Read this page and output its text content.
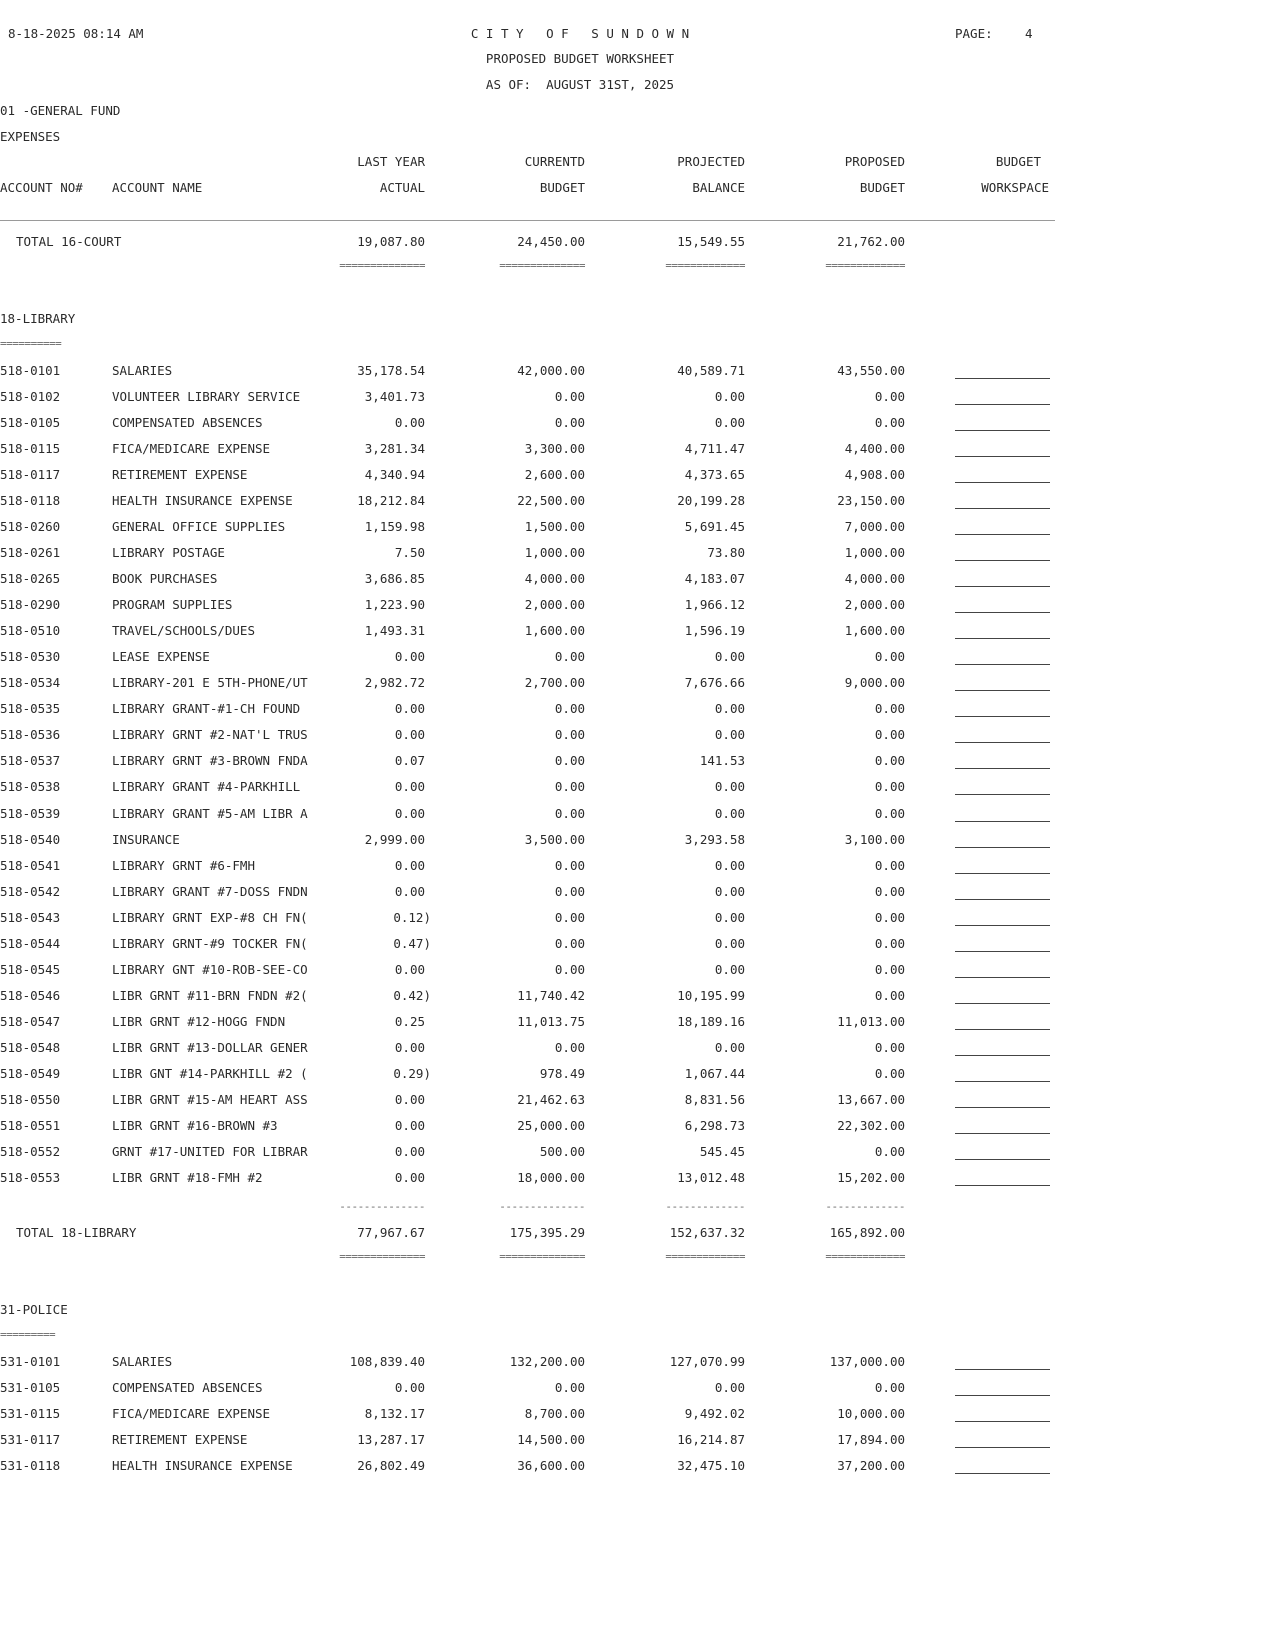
8-18-2025 08:14 AM	C I T Y   O F   S U N D O W N	PAGE:	4
PROPOSED BUDGET WORKSHEET
AS OF:  AUGUST 31ST, 2025
01 -GENERAL FUND
EXPENSES
LAST YEAR	CURRENTD	PROJECTED	PROPOSED	BUDGET
ACCOUNT NO# ACCOUNT NAME	ACTUAL	BUDGET	BALANCE	BUDGET	WORKSPACE
TOTAL 16-COURT	19,087.80	24,450.00	15,549.55	21,762.00
==============	==============	=============	=============
18-LIBRARY
==========
518-0101	SALARIES	35,178.54	42,000.00	40,589.71	43,550.00
518-0102	VOLUNTEER LIBRARY SERVICE	3,401.73	0.00	0.00	0.00
518-0105	COMPENSATED ABSENCES	0.00	0.00	0.00	0.00
518-0115	FICA/MEDICARE EXPENSE	3,281.34	3,300.00	4,711.47	4,400.00
518-0117	RETIREMENT EXPENSE	4,340.94	2,600.00	4,373.65	4,908.00
518-0118	HEALTH INSURANCE EXPENSE	18,212.84	22,500.00	20,199.28	23,150.00
518-0260	GENERAL OFFICE SUPPLIES	1,159.98	1,500.00	5,691.45	7,000.00
518-0261	LIBRARY POSTAGE	7.50	1,000.00	73.80	1,000.00
518-0265	BOOK PURCHASES	3,686.85	4,000.00	4,183.07	4,000.00
518-0290	PROGRAM SUPPLIES	1,223.90	2,000.00	1,966.12	2,000.00
518-0510	TRAVEL/SCHOOLS/DUES	1,493.31	1,600.00	1,596.19	1,600.00
518-0530	LEASE EXPENSE	0.00	0.00	0.00	0.00
518-0534	LIBRARY-201 E 5TH-PHONE/UT	2,982.72	2,700.00	7,676.66	9,000.00
518-0535	LIBRARY GRANT-#1-CH FOUND	0.00	0.00	0.00	0.00
518-0536	LIBRARY GRNT #2-NAT'L TRUS	0.00	0.00	0.00	0.00
518-0537	LIBRARY GRNT #3-BROWN FNDA	0.07	0.00	141.53	0.00
518-0538	LIBRARY GRANT #4-PARKHILL	0.00	0.00	0.00	0.00
518-0539	LIBRARY GRANT #5-AM LIBR A	0.00	0.00	0.00	0.00
518-0540	INSURANCE	2,999.00	3,500.00	3,293.58	3,100.00
518-0541	LIBRARY GRNT #6-FMH	0.00	0.00	0.00	0.00
518-0542	LIBRARY GRANT #7-DOSS FNDN	0.00	0.00	0.00	0.00
518-0543	LIBRARY GRNT EXP-#8 CH FN(	0.12)	0.00	0.00	0.00
518-0544	LIBRARY GRNT-#9 TOCKER FN(	0.47)	0.00	0.00	0.00
518-0545	LIBRARY GNT #10-ROB-SEE-CO	0.00	0.00	0.00	0.00
518-0546	LIBR GRNT #11-BRN FNDN #2(	0.42)	11,740.42	10,195.99	0.00
518-0547	LIBR GRNT #12-HOGG FNDN	0.25	11,013.75	18,189.16	11,013.00
518-0548	LIBR GRNT #13-DOLLAR GENER	0.00	0.00	0.00	0.00
518-0549	LIBR GNT #14-PARKHILL #2 (	0.29)	978.49	1,067.44	0.00
518-0550	LIBR GRNT #15-AM HEART ASS	0.00	21,462.63	8,831.56	13,667.00
518-0551	LIBR GRNT #16-BROWN #3	0.00	25,000.00	6,298.73	22,302.00
518-0552	GRNT #17-UNITED FOR LIBRAR	0.00	500.00	545.45	0.00
518-0553	LIBR GRNT #18-FMH #2	0.00	18,000.00	13,012.48	15,202.00
--------------	--------------	-------------	-------------
TOTAL 18-LIBRARY	77,967.67	175,395.29	152,637.32	165,892.00
==============	==============	=============	=============
31-POLICE
=========
531-0101	SALARIES	108,839.40	132,200.00	127,070.99	137,000.00
531-0105	COMPENSATED ABSENCES	0.00	0.00	0.00	0.00
531-0115	FICA/MEDICARE EXPENSE	8,132.17	8,700.00	9,492.02	10,000.00
531-0117	RETIREMENT EXPENSE	13,287.17	14,500.00	16,214.87	17,894.00
531-0118	HEALTH INSURANCE EXPENSE	26,802.49	36,600.00	32,475.10	37,200.00
